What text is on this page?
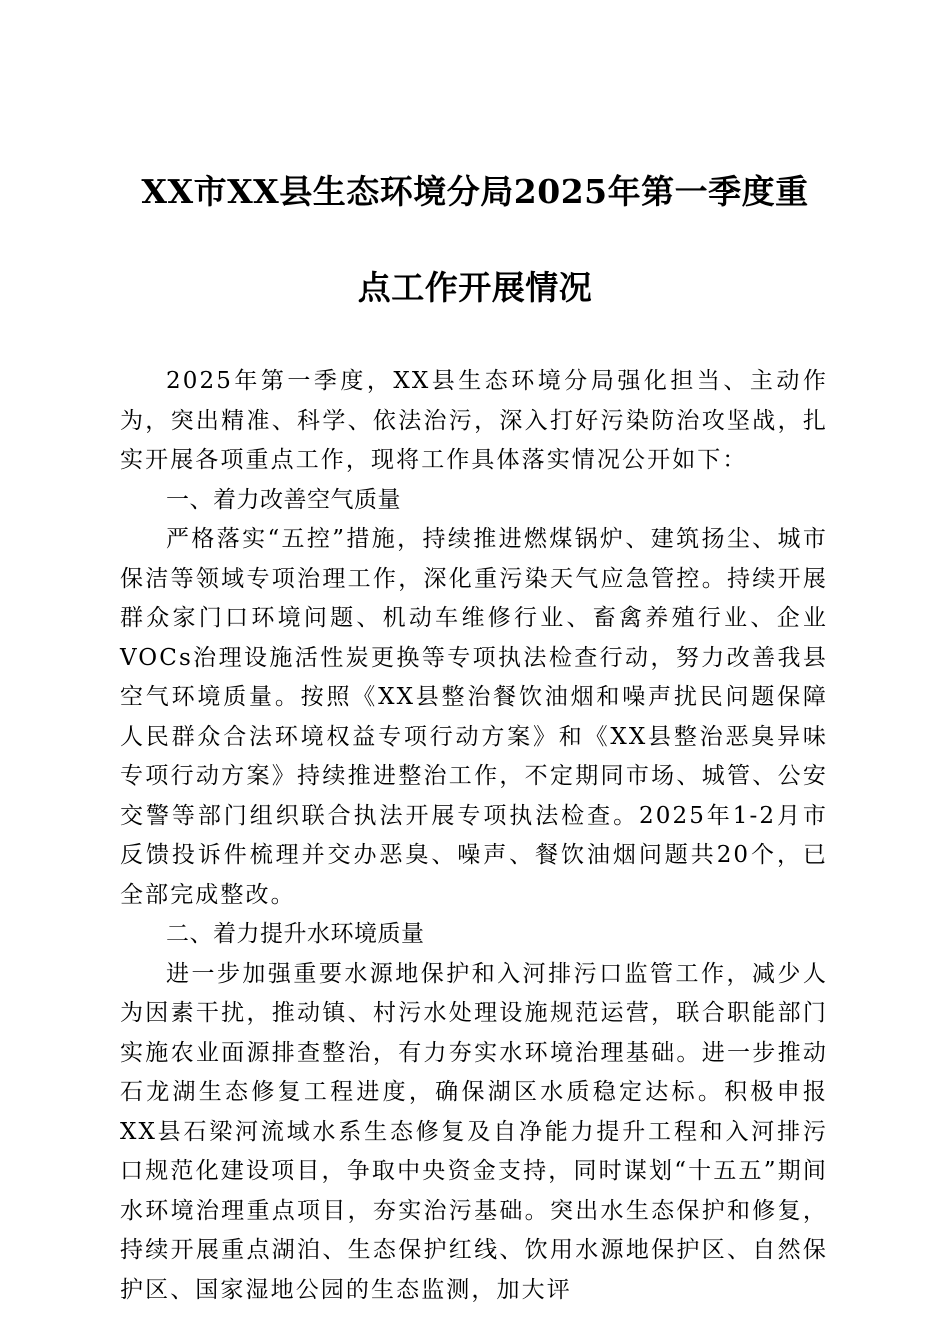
XX市XX县生态环境分局2025年第一季度重
点工作开展情况

2025年第一季度，XX县生态环境分局强化担当、主动作为，突出精准、科学、依法治污，深入打好污染防治攻坚战，扎实开展各项重点工作，现将工作具体落实情况公开如下：

一、着力改善空气质量

严格落实“五控”措施，持续推进燃煤锅炉、建筑扬尘、城市保洁等领域专项治理工作，深化重污染天气应急管控。持续开展群众家门口环境问题、机动车维修行业、畜禽养殖行业、企业VOCs治理设施活性炭更换等专项执法检查行动，努力改善我县空气环境质量。按照《XX县整治餐饮油烟和噪声扰民问题保障人民群众合法环境权益专项行动方案》和《XX县整治恶臭异味专项行动方案》持续推进整治工作，不定期同市场、城管、公安交警等部门组织联合执法开展专项执法检查。2025年1-2月市反馈投诉件梳理并交办恶臭、噪声、餐饮油烟问题共20个，已全部完成整改。

二、着力提升水环境质量

进一步加强重要水源地保护和入河排污口监管工作，减少人为因素干扰，推动镇、村污水处理设施规范运营，联合职能部门实施农业面源排查整治，有力夯实水环境治理基础。进一步推动石龙湖生态修复工程进度，确保湖区水质稳定达标。积极申报XX县石梁河流域水系生态修复及自净能力提升工程和入河排污口规范化建设项目，争取中央资金支持，同时谋划“十五五”期间水环境治理重点项目，夯实治污基础。突出水生态保护和修复，持续开展重点湖泊、生态保护红线、饮用水源地保护区、自然保护区、国家湿地公园的生态监测，加大评
